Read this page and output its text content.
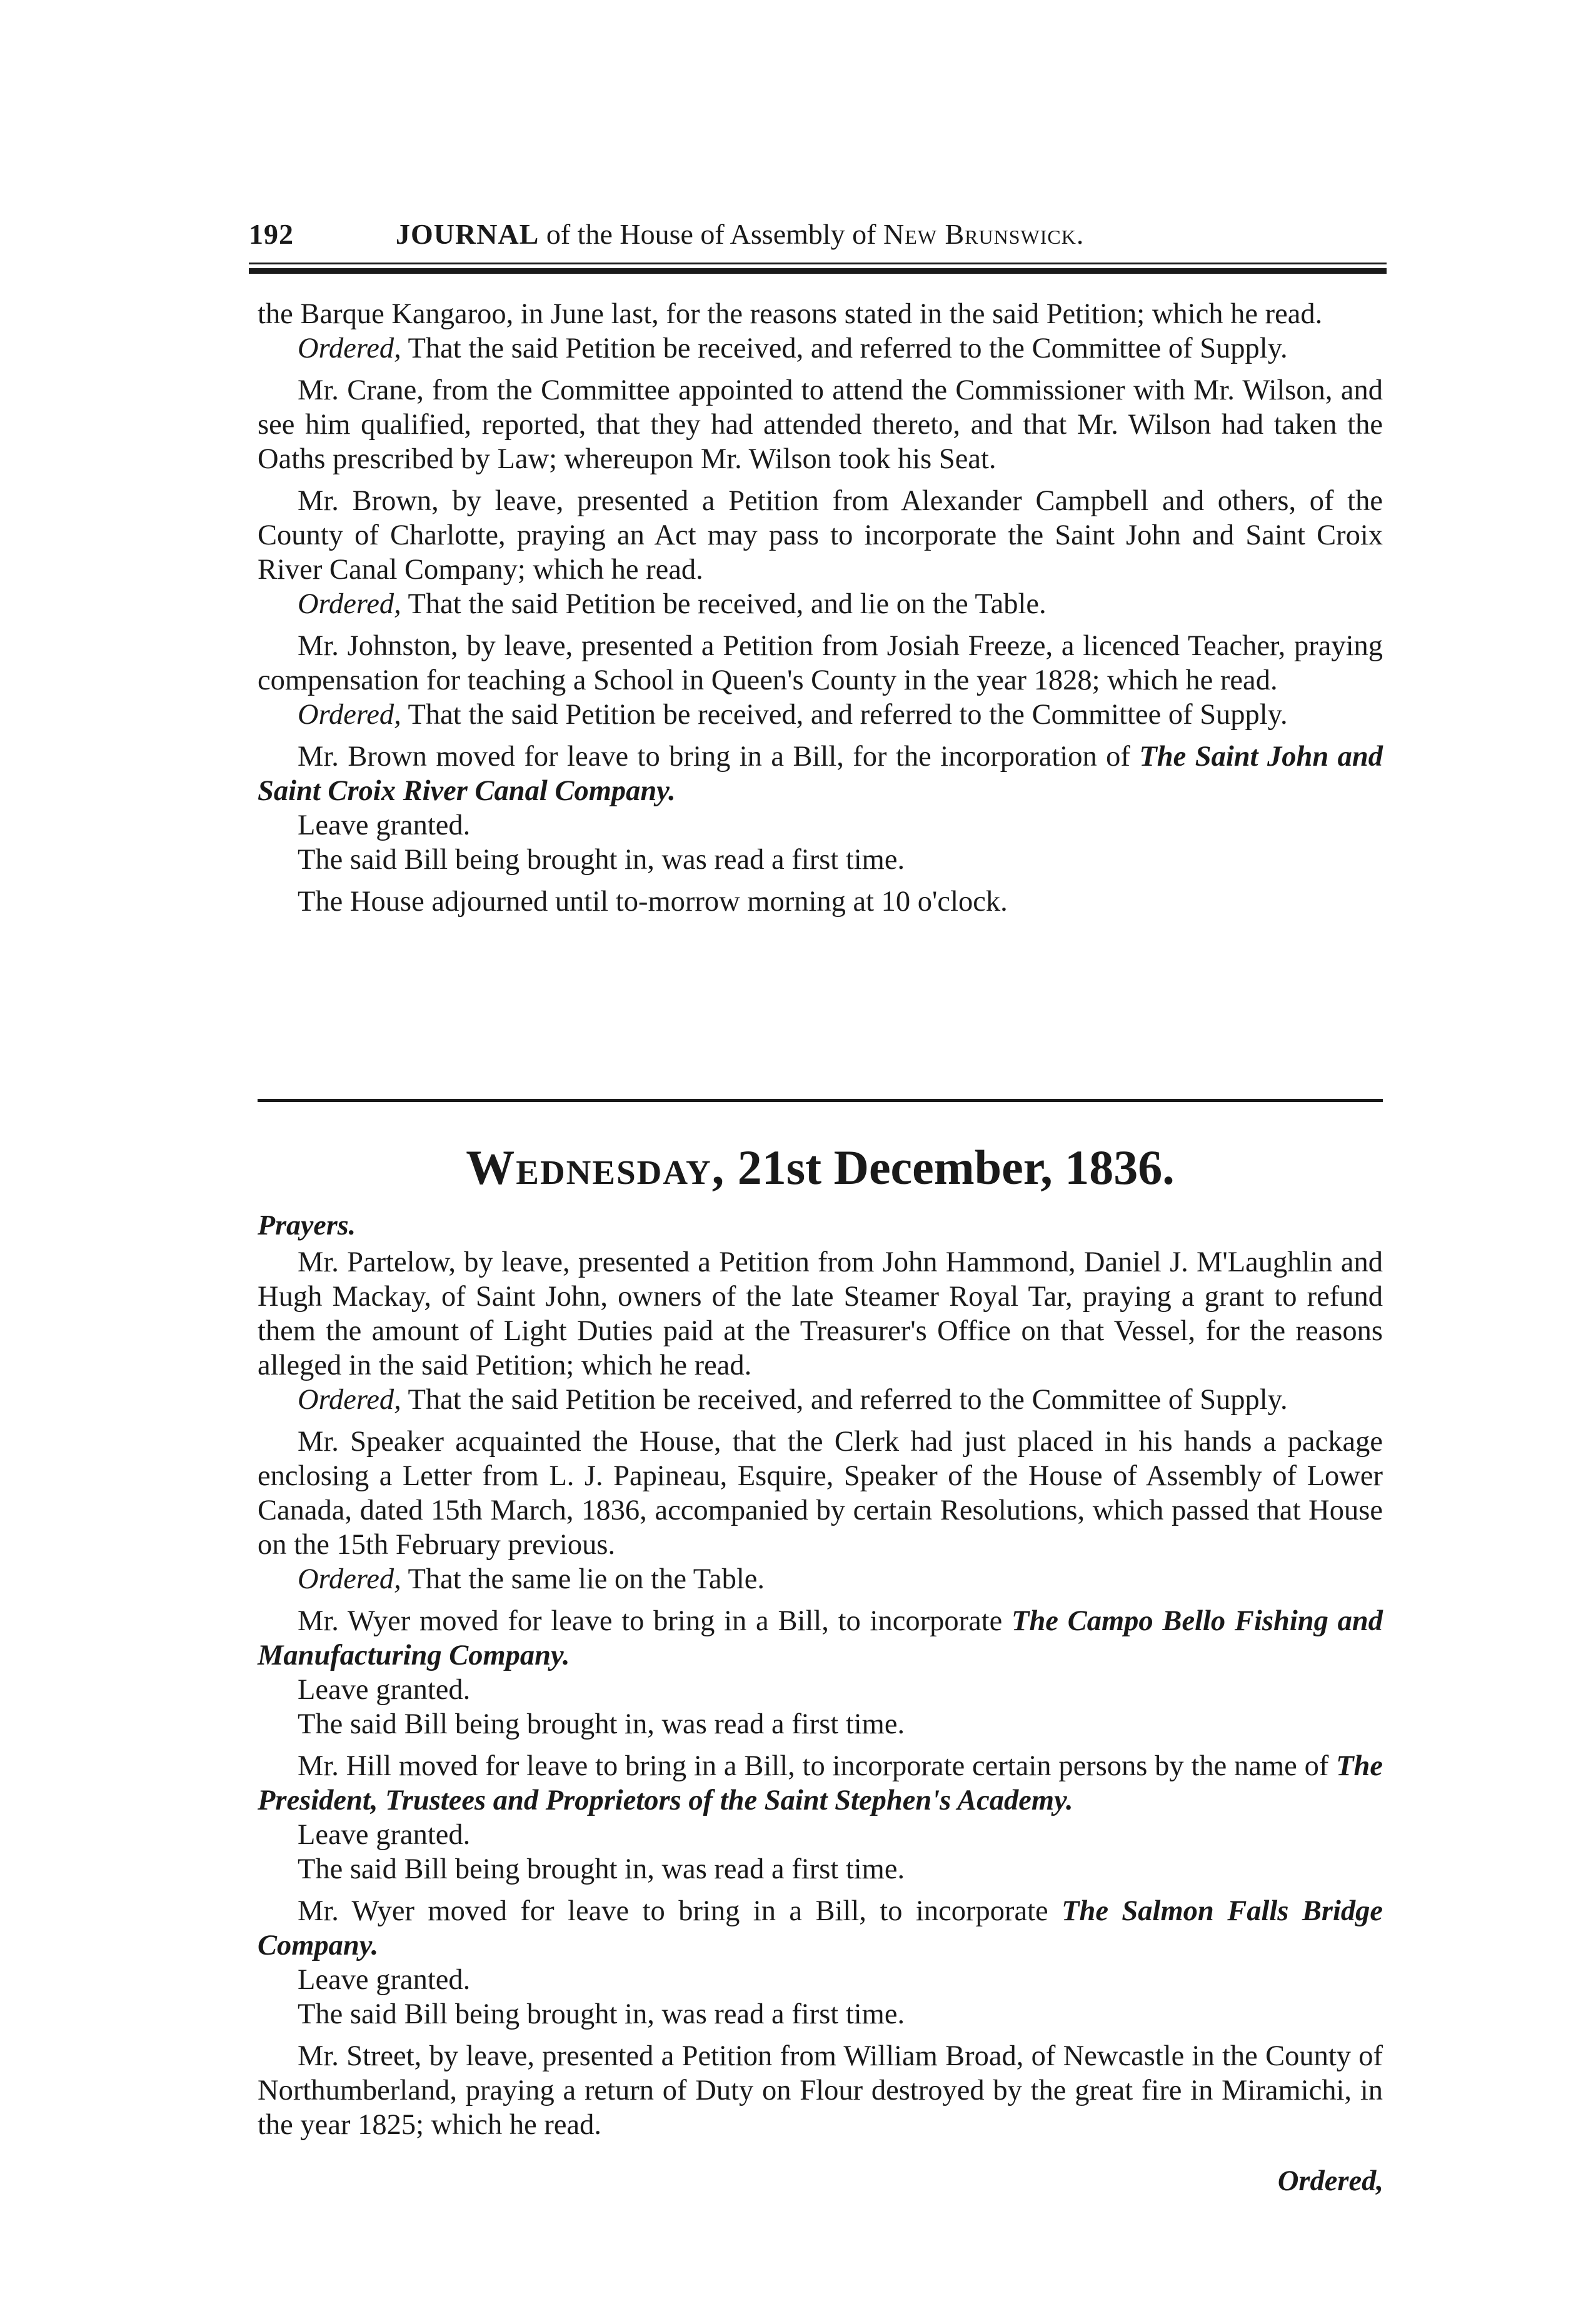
192	JOURNAL of the House of Assembly of New Brunswick.

the Barque Kangaroo, in June last, for the reasons stated in the said Petition; which he read.

Ordered, That the said Petition be received, and referred to the Committee of Supply.

Mr. Crane, from the Committee appointed to attend the Commissioner with Mr. Wilson, and see him qualified, reported, that they had attended thereto, and that Mr. Wilson had taken the Oaths prescribed by Law; whereupon Mr. Wilson took his Seat.

Mr. Brown, by leave, presented a Petition from Alexander Campbell and others, of the County of Charlotte, praying an Act may pass to incorporate the Saint John and Saint Croix River Canal Company; which he read.

Ordered, That the said Petition be received, and lie on the Table.

Mr. Johnston, by leave, presented a Petition from Josiah Freeze, a licenced Teacher, praying compensation for teaching a School in Queen's County in the year 1828; which he read.

Ordered, That the said Petition be received, and referred to the Committee of Supply.

Mr. Brown moved for leave to bring in a Bill, for the incorporation of The Saint John and Saint Croix River Canal Company.

Leave granted.

The said Bill being brought in, was read a first time.

The House adjourned until to-morrow morning at 10 o'clock.

Wednesday, 21st December, 1836.
Prayers.

Mr. Partelow, by leave, presented a Petition from John Hammond, Daniel J. M'Laughlin and Hugh Mackay, of Saint John, owners of the late Steamer Royal Tar, praying a grant to refund them the amount of Light Duties paid at the Treasurer's Office on that Vessel, for the reasons alleged in the said Petition; which he read.

Ordered, That the said Petition be received, and referred to the Committee of Supply.

Mr. Speaker acquainted the House, that the Clerk had just placed in his hands a package enclosing a Letter from L. J. Papineau, Esquire, Speaker of the House of Assembly of Lower Canada, dated 15th March, 1836, accompanied by certain Resolutions, which passed that House on the 15th February previous.

Ordered, That the same lie on the Table.

Mr. Wyer moved for leave to bring in a Bill, to incorporate The Campo Bello Fishing and Manufacturing Company.

Leave granted.

The said Bill being brought in, was read a first time.

Mr. Hill moved for leave to bring in a Bill, to incorporate certain persons by the name of The President, Trustees and Proprietors of the Saint Stephen's Academy.

Leave granted.

The said Bill being brought in, was read a first time.

Mr. Wyer moved for leave to bring in a Bill, to incorporate The Salmon Falls Bridge Company.

Leave granted.

The said Bill being brought in, was read a first time.

Mr. Street, by leave, presented a Petition from William Broad, of Newcastle in the County of Northumberland, praying a return of Duty on Flour destroyed by the great fire in Miramichi, in the year 1825; which he read.

Ordered,
